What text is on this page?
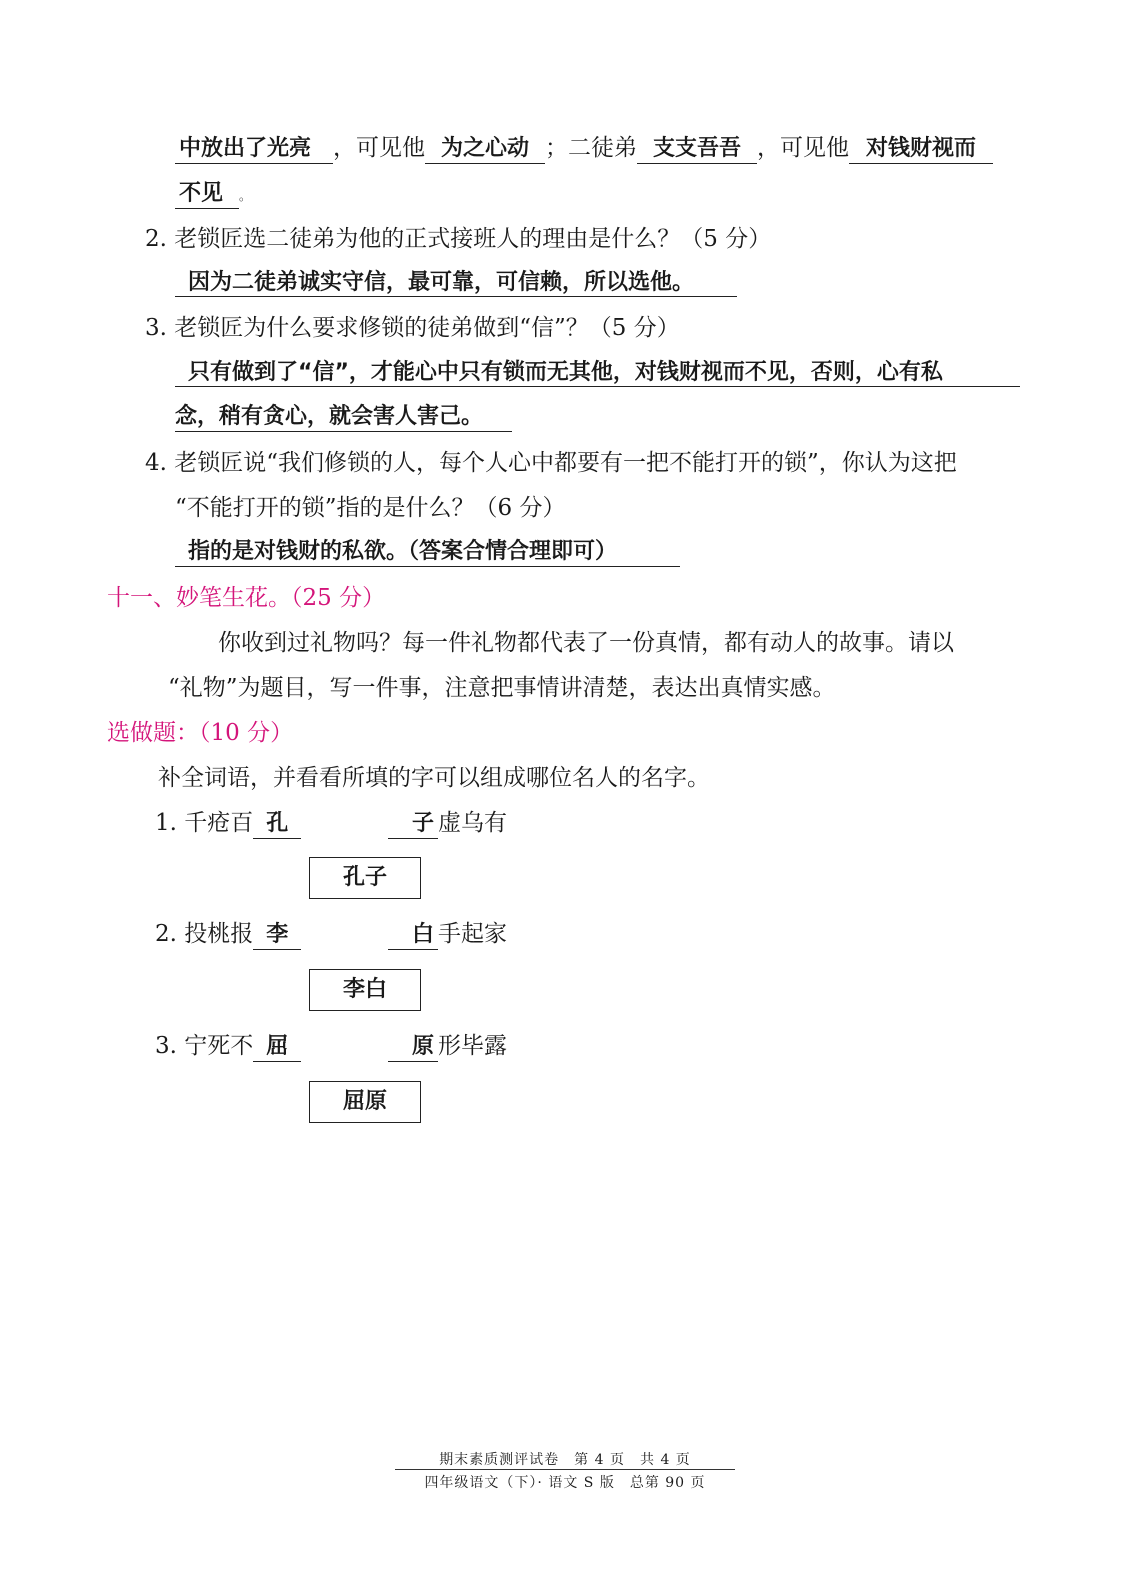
中放出了光亮 ，可见他 为之心动 ；二徒弟 支支吾吾 ，可见他 对钱财视而
不见 。
2. 老锁匠选二徒弟为他的正式接班人的理由是什么？（5 分）
因为二徒弟诚实守信，最可靠，可信赖，所以选他。
3. 老锁匠为什么要求修锁的徒弟做到“信”？（5 分）
只有做到了“信”，才能心中只有锁而无其他，对钱财视而不见，否则，心有私
念，稍有贪心，就会害人害己。
4. 老锁匠说“我们修锁的人，每个人心中都要有一把不能打开的锁”，你认为这把
“不能打开的锁”指的是什么？（6 分）
指的是对钱财的私欲。（答案合情合理即可）
十一、妙笔生花。（25 分）
你收到过礼物吗？每一件礼物都代表了一份真情，都有动人的故事。请以
“礼物”为题目，写一件事，注意把事情讲清楚，表达出真情实感。
选做题：（10 分）
补全词语，并看看所填的字可以组成哪位名人的名字。
1. 千疮百 孔	子 虚乌有
孔子
2. 投桃报 李	白 手起家
李白
3. 宁死不 屈	原 形毕露
屈原
期末素质测评试卷　第 4 页　共 4 页
四年级语文（下）· 语文 S 版　总第 90 页
